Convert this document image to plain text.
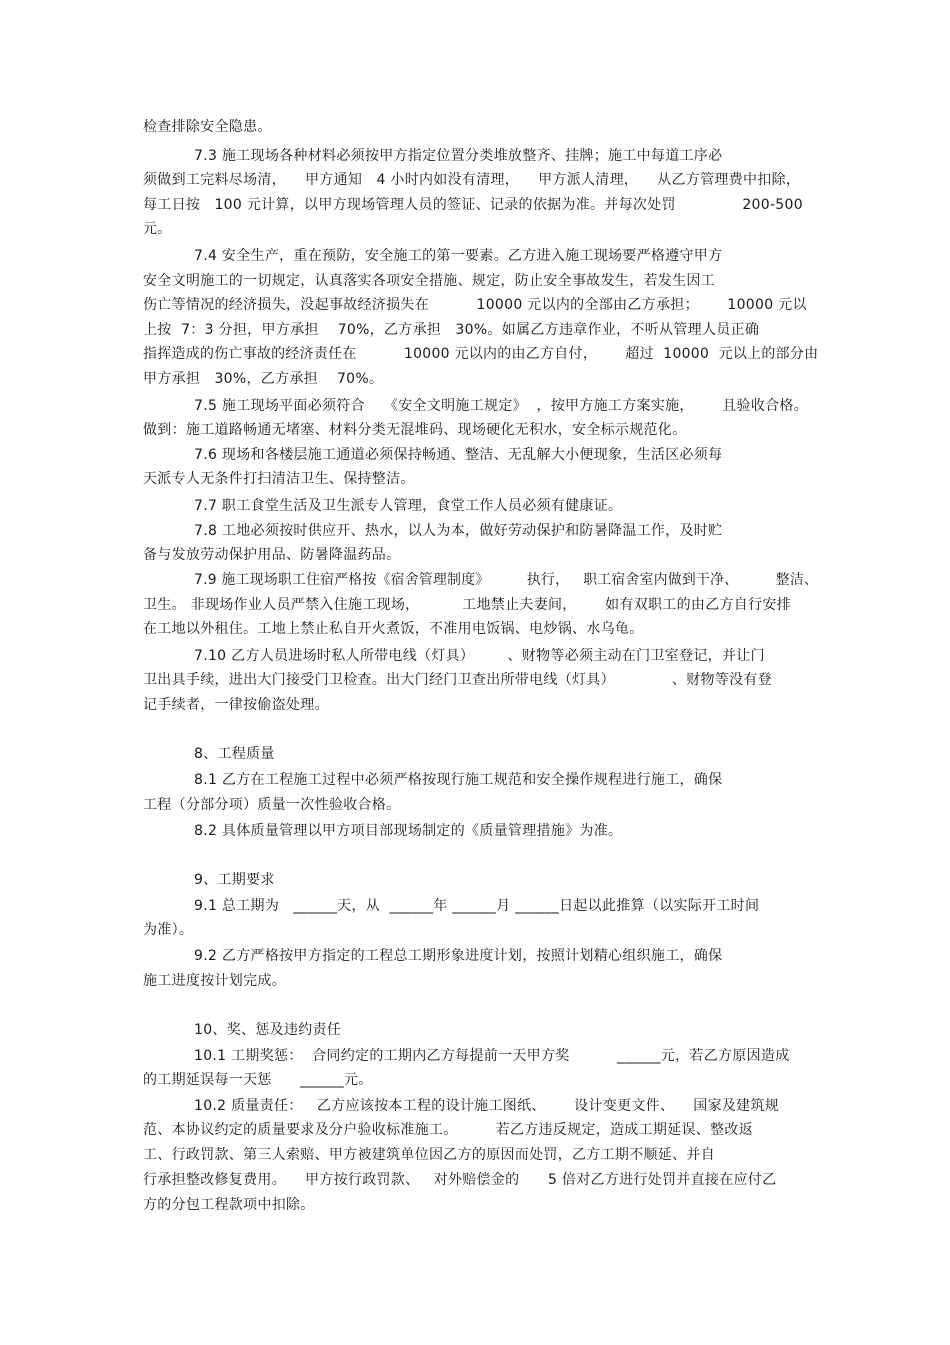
检查排除安全隐患。
7.3 施工现场各种材料必须按甲方指定位置分类堆放整齐、挂牌；施工中每道工序必
须做到工完料尽场清，    甲方通知   4 小时内如没有清理，    甲方派人清理，    从乙方管理费中扣除，
每工日按   100 元计算，以甲方现场管理人员的签证、记录的依据为准。并每次处罚              200-500
元。
7.4 安全生产，重在预防，安全施工的第一要素。乙方进入施工现场要严格遵守甲方
安全文明施工的一切规定，认真落实各项安全措施、规定，防止安全事故发生，若发生因工
伤亡等情况的经济损失，没起事故经济损失在          10000 元以内的全部由乙方承担；      10000 元以
上按  7：3 分担，甲方承担    70%，乙方承担   30%。如属乙方违章作业，不听从管理人员正确
指挥造成的伤亡事故的经济责任在          10000 元以内的由乙方自付，      超过  10000  元以上的部分由
甲方承担   30%，乙方承担    70%。
7.5 施工现场平面必须符合    《安全文明施工规定》  ，按甲方施工方案实施，      且验收合格。
做到：施工道路畅通无堵塞、材料分类无混堆码、现场硬化无积水，安全标示规范化。
7.6 现场和各楼层施工通道必须保持畅通、整洁、无乱解大小便现象，生活区必须每
天派专人无条件打扫清洁卫生、保持整洁。
7.7 职工食堂生活及卫生派专人管理，食堂工作人员必须有健康证。
7.8 工地必须按时供应开、热水，以人为本，做好劳动保护和防暑降温工作，及时贮
备与发放劳动保护用品、防暑降温药品。
7.9 施工现场职工住宿严格按《宿舍管理制度》        执行，   职工宿舍室内做到干净、        整洁、
卫生。 非现场作业人员严禁入住施工现场，         工地禁止夫妻间，      如有双职工的由乙方自行安排
在工地以外租住。工地上禁止私自开火煮饭，不准用电饭锅、电炒锅、水乌龟。
7.10 乙方人员进场时私人所带电线（灯具）       、财物等必须主动在门卫室登记，并让门
卫出具手续，进出大门接受门卫检查。出大门经门卫查出所带电线（灯具）            、财物等没有登
记手续者，一律按偷盗处理。
8、工程质量
8.1 乙方在工程施工过程中必须严格按现行施工规范和安全操作规程进行施工，确保
工程（分部分项）质量一次性验收合格。
8.2 具体质量管理以甲方项目部现场制定的《质量管理措施》为准。
9、工期要求
9.1 总工期为   ______天，从  ______年 ______月 ______日起以此推算（以实际开工时间
为准）。
9.2 乙方严格按甲方指定的工程总工期形象进度计划，按照计划精心组织施工，确保
施工进度按计划完成。
10、奖、惩及违约责任
10.1 工期奖惩：  合同约定的工期内乙方每提前一天甲方奖          ______元，若乙方原因造成
的工期延误每一天惩      ______元。
10.2 质量责任：   乙方应该按本工程的设计施工图纸、      设计变更文件、    国家及建筑规
范、本协议约定的质量要求及分户验收标准施工。        若乙方违反规定，造成工期延误、整改返
工、行政罚款、第三人索赔、甲方被建筑单位因乙方的原因而处罚，乙方工期不顺延、并自
行承担整改修复费用。    甲方按行政罚款、   对外赔偿金的      5 倍对乙方进行处罚并直接在应付乙
方的分包工程款项中扣除。
